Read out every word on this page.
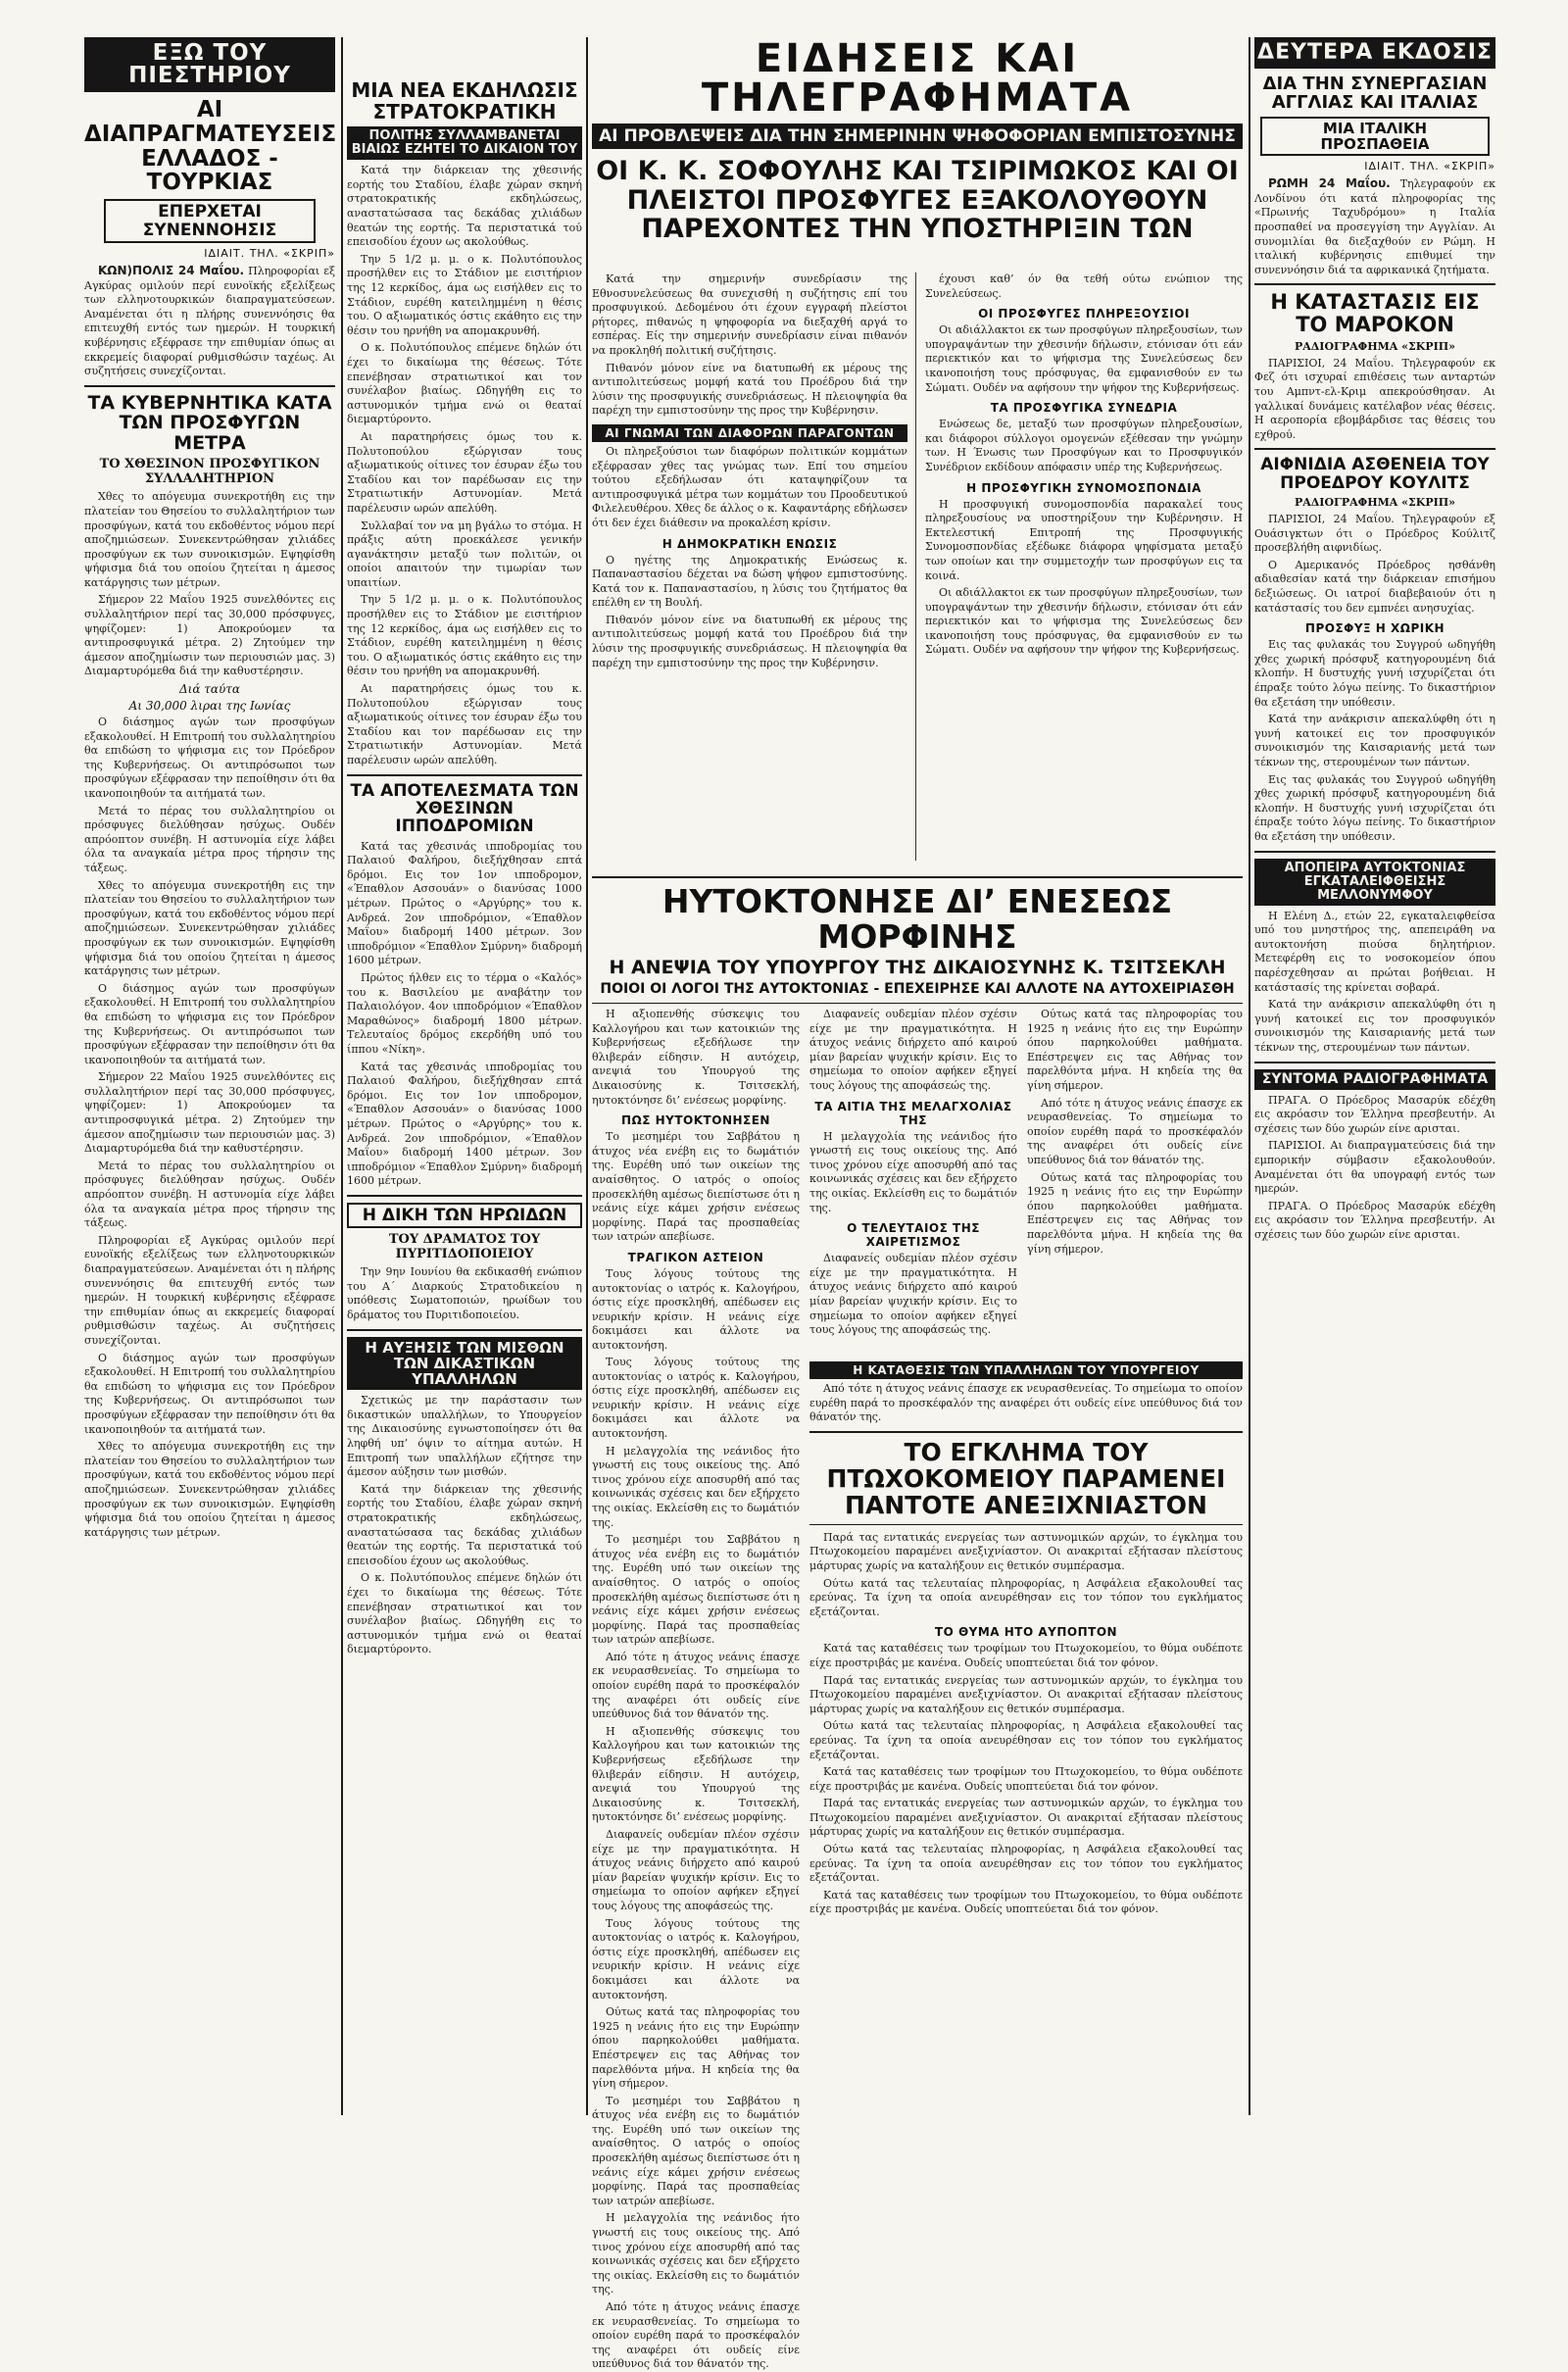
ΕΞΩ ΤΟΥ ΠΙΕΣΤΗΡΙΟΥ
ΑΙ ΔΙΑΠΡΑΓΜΑΤΕΥΣΕΙΣ ΕΛΛΑΔΟΣ - ΤΟΥΡΚΙΑΣ
ΕΠΕΡΧΕΤΑΙ ΣΥΝΕΝΝΟΗΣΙΣ
ΙΔΙΑΙΤ. ΤΗΛ. «ΣΚΡΙΠ»
ΚΩΝ)ΠΟΛΙΣ 24 Μαΐου. Πληροφορίαι εξ Αγκύρας ομιλούν περί ευνοϊκής εξελίξεως των ελληνοτουρκικών διαπραγματεύσεων. Αναμένεται ότι η πλήρης συνεννόησις θα επιτευχθή εντός των ημερών. Η τουρκική κυβέρνησις εξέφρασε την επιθυμίαν όπως αι εκκρεμείς διαφοραί ρυθμισθώσιν ταχέως. Αι συζητήσεις συνεχίζονται.
ΤΑ ΚΥΒΕΡΝΗΤΙΚΑ ΚΑΤΑ ΤΩΝ ΠΡΟΣΦΥΓΩΝ ΜΕΤΡΑ
ΤΟ ΧΘΕΣΙΝΟΝ ΠΡΟΣΦΥΓΙΚΟΝ ΣΥΛΛΑΛΗΤΗΡΙΟΝ

Χθες το απόγευμα συνεκροτήθη εις την πλατείαν του Θησείου το συλλαλητήριον των προσφύγων, κατά του εκδοθέντος νόμου περί αποζημιώσεων. Συνεκεντρώθησαν χιλιάδες προσφύγων εκ των συνοικισμών. Εψηφίσθη ψήφισμα διά του οποίου ζητείται η άμεσος κατάργησις των μέτρων.

Σήμερον 22 Μαΐου 1925 συνελθόντες εις συλλαλητήριον περί τας 30,000 πρόσφυγες, ψηφίζομεν: 1) Αποκρούομεν τα αντιπροσφυγικά μέτρα. 2) Ζητούμεν την άμεσον αποζημίωσιν των περιουσιών μας. 3) Διαμαρτυρόμεθα διά την καθυστέρησιν.

Διά ταύτα
Αι 30,000 λιραι της Ιωνίας

Ο διάσημος αγών των προσφύγων εξακολουθεί. Η Επιτροπή του συλλαλητηρίου θα επιδώση το ψήφισμα εις τον Πρόεδρον της Κυβερνήσεως. Οι αντιπρόσωποι των προσφύγων εξέφρασαν την πεποίθησιν ότι θα ικανοποιηθούν τα αιτήματά των.

Μετά το πέρας του συλλαλητηρίου οι πρόσφυγες διελύθησαν ησύχως. Ουδέν απρόοπτον συνέβη. Η αστυνομία είχε λάβει όλα τα αναγκαία μέτρα προς τήρησιν της τάξεως.

Χθες το απόγευμα συνεκροτήθη εις την πλατείαν του Θησείου το συλλαλητήριον των προσφύγων, κατά του εκδοθέντος νόμου περί αποζημιώσεων. Συνεκεντρώθησαν χιλιάδες προσφύγων εκ των συνοικισμών. Εψηφίσθη ψήφισμα διά του οποίου ζητείται η άμεσος κατάργησις των μέτρων.

Ο διάσημος αγών των προσφύγων εξακολουθεί. Η Επιτροπή του συλλαλητηρίου θα επιδώση το ψήφισμα εις τον Πρόεδρον της Κυβερνήσεως. Οι αντιπρόσωποι των προσφύγων εξέφρασαν την πεποίθησιν ότι θα ικανοποιηθούν τα αιτήματά των.

Σήμερον 22 Μαΐου 1925 συνελθόντες εις συλλαλητήριον περί τας 30,000 πρόσφυγες, ψηφίζομεν: 1) Αποκρούομεν τα αντιπροσφυγικά μέτρα. 2) Ζητούμεν την άμεσον αποζημίωσιν των περιουσιών μας. 3) Διαμαρτυρόμεθα διά την καθυστέρησιν.

Μετά το πέρας του συλλαλητηρίου οι πρόσφυγες διελύθησαν ησύχως. Ουδέν απρόοπτον συνέβη. Η αστυνομία είχε λάβει όλα τα αναγκαία μέτρα προς τήρησιν της τάξεως.

Πληροφορίαι εξ Αγκύρας ομιλούν περί ευνοϊκής εξελίξεως των ελληνοτουρκικών διαπραγματεύσεων. Αναμένεται ότι η πλήρης συνεννόησις θα επιτευχθή εντός των ημερών. Η τουρκική κυβέρνησις εξέφρασε την επιθυμίαν όπως αι εκκρεμείς διαφοραί ρυθμισθώσιν ταχέως. Αι συζητήσεις συνεχίζονται.

Ο διάσημος αγών των προσφύγων εξακολουθεί. Η Επιτροπή του συλλαλητηρίου θα επιδώση το ψήφισμα εις τον Πρόεδρον της Κυβερνήσεως. Οι αντιπρόσωποι των προσφύγων εξέφρασαν την πεποίθησιν ότι θα ικανοποιηθούν τα αιτήματά των.

Χθες το απόγευμα συνεκροτήθη εις την πλατείαν του Θησείου το συλλαλητήριον των προσφύγων, κατά του εκδοθέντος νόμου περί αποζημιώσεων. Συνεκεντρώθησαν χιλιάδες προσφύγων εκ των συνοικισμών. Εψηφίσθη ψήφισμα διά του οποίου ζητείται η άμεσος κατάργησις των μέτρων.

ΜΙΑ ΝΕΑ ΕΚΔΗΛΩΣΙΣ ΣΤΡΑΤΟΚΡΑΤΙΚΗ
ΠΟΛΙΤΗΣ ΣΥΛΛΑΜΒΑΝΕΤΑΙ ΒΙΑΙΩΣ ΕΖΗΤΕΙ ΤΟ ΔΙΚΑΙΟΝ ΤΟΥ

Κατά την διάρκειαν της χθεσινής εορτής του Σταδίου, έλαβε χώραν σκηνή στρατοκρατικής εκδηλώσεως, αναστατώσασα τας δεκάδας χιλιάδων θεατών της εορτής. Τα περιστατικά τού επεισοδίου έχουν ως ακολούθως.

Την 5 1/2 μ. μ. ο κ. Πολυτόπουλος προσήλθεν εις το Στάδιον με εισιτήριον της 12 κερκίδος, άμα ως εισήλθεν εις το Στάδιον, ευρέθη κατειλημμένη η θέσις του. Ο αξιωματικός όστις εκάθητο εις την θέσιν του ηρνήθη να απομακρυνθή.

Ο κ. Πολυτόπουλος επέμενε δηλών ότι έχει το δικαίωμα της θέσεως. Τότε επενέβησαν στρατιωτικοί και τον συνέλαβον βιαίως. Ωδηγήθη εις το αστυνομικόν τμήμα ενώ οι θεαταί διεμαρτύροντο.

Αι παρατηρήσεις όμως του κ. Πολυτοπούλου εξώργισαν τους αξιωματικούς οίτινες τον έσυραν έξω του Σταδίου και τον παρέδωσαν εις την Στρατιωτικήν Αστυνομίαν. Μετά παρέλευσιν ωρών απελύθη.

Συλλαβαί τον να μη βγάλω το στόμα. Η πράξις αύτη προεκάλεσε γενικήν αγανάκτησιν μεταξύ των πολιτών, οι οποίοι απαιτούν την τιμωρίαν των υπαιτίων.

Την 5 1/2 μ. μ. ο κ. Πολυτόπουλος προσήλθεν εις το Στάδιον με εισιτήριον της 12 κερκίδος, άμα ως εισήλθεν εις το Στάδιον, ευρέθη κατειλημμένη η θέσις του. Ο αξιωματικός όστις εκάθητο εις την θέσιν του ηρνήθη να απομακρυνθή.

Αι παρατηρήσεις όμως του κ. Πολυτοπούλου εξώργισαν τους αξιωματικούς οίτινες τον έσυραν έξω του Σταδίου και τον παρέδωσαν εις την Στρατιωτικήν Αστυνομίαν. Μετά παρέλευσιν ωρών απελύθη.

ΤΑ ΑΠΟΤΕΛΕΣΜΑΤΑ ΤΩΝ ΧΘΕΣΙΝΩΝ ΙΠΠΟΔΡΟΜΙΩΝ

Κατά τας χθεσινάς ιπποδρομίας του Παλαιού Φαλήρου, διεξήχθησαν επτά δρόμοι. Εις τον 1ον ιπποδρομον, «Έπαθλον Ασσουάν» ο διανύσας 1000 μέτρων. Πρώτος ο «Αργύρης» του κ. Ανδρεά. 2ον ιπποδρόμιον, «Έπαθλον Μαΐου» διαδρομή 1400 μέτρων. 3ον ιπποδρόμιον «Έπαθλον Σμύρνη» διαδρομή 1600 μέτρων.

Πρώτος ήλθεν εις το τέρμα ο «Καλός» του κ. Βασιλείου με αναβάτην τον Παλαιολόγον. 4ον ιπποδρόμιον «Έπαθλον Μαραθώνος» διαδρομή 1800 μέτρων. Τελευταίος δρόμος εκερδήθη υπό του ίππου «Νίκη».

Κατά τας χθεσινάς ιπποδρομίας του Παλαιού Φαλήρου, διεξήχθησαν επτά δρόμοι. Εις τον 1ον ιπποδρομον, «Έπαθλον Ασσουάν» ο διανύσας 1000 μέτρων. Πρώτος ο «Αργύρης» του κ. Ανδρεά. 2ον ιπποδρόμιον, «Έπαθλον Μαΐου» διαδρομή 1400 μέτρων. 3ον ιπποδρόμιον «Έπαθλον Σμύρνη» διαδρομή 1600 μέτρων.

Η ΔΙΚΗ ΤΩΝ ΗΡΩΙΔΩΝ
ΤΟΥ ΔΡΑΜΑΤΟΣ ΤΟΥ ΠΥΡΙΤΙΔΟΠΟΙΕΙΟΥ

Την 9ην Ιουνίου θα εκδικασθή ενώπιον του Α΄ Διαρκούς Στρατοδικείου η υπόθεσις Σωματοποιών, ηρωίδων του δράματος του Πυριτιδοποιείου.

Η ΑΥΞΗΣΙΣ ΤΩΝ ΜΙΣΘΩΝ ΤΩΝ ΔΙΚΑΣΤΙΚΩΝ ΥΠΑΛΛΗΛΩΝ

Σχετικώς με την παράστασιν των δικαστικών υπαλλήλων, το Υπουργείον της Δικαιοσύνης εγνωστοποίησεν ότι θα ληφθή υπ’ όψιν το αίτημα αυτών. Η Επιτροπή των υπαλλήλων εζήτησε την άμεσον αύξησιν των μισθών.

Κατά την διάρκειαν της χθεσινής εορτής του Σταδίου, έλαβε χώραν σκηνή στρατοκρατικής εκδηλώσεως, αναστατώσασα τας δεκάδας χιλιάδων θεατών της εορτής. Τα περιστατικά τού επεισοδίου έχουν ως ακολούθως.

Ο κ. Πολυτόπουλος επέμενε δηλών ότι έχει το δικαίωμα της θέσεως. Τότε επενέβησαν στρατιωτικοί και τον συνέλαβον βιαίως. Ωδηγήθη εις το αστυνομικόν τμήμα ενώ οι θεαταί διεμαρτύροντο.

ΕΙΔΗΣΕΙΣ ΚΑΙ ΤΗΛΕΓΡΑΦΗΜΑΤΑ
ΑΙ ΠΡΟΒΛΕΨΕΙΣ ΔΙΑ ΤΗΝ ΣΗΜΕΡΙΝΗΝ ΨΗΦΟΦΟΡΙΑΝ ΕΜΠΙΣΤΟΣΥΝΗΣ
ΟΙ Κ. Κ. ΣΟΦΟΥΛΗΣ ΚΑΙ ΤΣΙΡΙΜΩΚΟΣ ΚΑΙ ΟΙ ΠΛΕΙΣΤΟΙ ΠΡΟΣΦΥΓΕΣ ΕΞΑΚΟΛΟΥΘΟΥΝ ΠΑΡΕΧΟΝΤΕΣ ΤΗΝ ΥΠΟΣΤΗΡΙΞΙΝ ΤΩΝ

Κατά την σημερινήν συνεδρίασιν της Εθνοσυνελεύσεως θα συνεχισθή η συζήτησις επί του προσφυγικού. Δεδομένου ότι έχουν εγγραφή πλείστοι ρήτορες, πιθανώς η ψηφοφορία να διεξαχθή αργά το εσπέρας. Είς την σημερινήν συνεδρίασιν είναι πιθανόν να προκληθή πολιτική συζήτησις.

Πιθανόν μόνον είνε να διατυπωθή εκ μέρους της αντιπολιτεύσεως μομφή κατά του Προέδρου διά την λύσιν της προσφυγικής συνεδριάσεως. Η πλειοψηφία θα παρέχη την εμπιστοσύνην της προς την Κυβέρνησιν.

ΑΙ ΓΝΩΜΑΙ ΤΩΝ ΔΙΑΦΟΡΩΝ ΠΑΡΑΓΟΝΤΩΝ

Οι πληρεξούσιοι των διαφόρων πολιτικών κομμάτων εξέφρασαν χθες τας γνώμας των. Επί του σημείου τούτου εξεδήλωσαν ότι καταψηφίζουν τα αντιπροσφυγικά μέτρα των κομμάτων του Προοδευτικού Φιλελευθέρου. Χθες δε άλλος ο κ. Καφαντάρης εδήλωσεν ότι δεν έχει διάθεσιν να προκαλέση κρίσιν.

Η ΔΗΜΟΚΡΑΤΙΚΗ ΕΝΩΣΙΣ

Ο ηγέτης της Δημοκρατικής Ενώσεως κ. Παπαναστασίου δέχεται να δώση ψήφον εμπιστοσύνης. Κατά τον κ. Παπαναστασίου, η λύσις του ζητήματος θα επέλθη εν τη Βουλή.

Πιθανόν μόνον είνε να διατυπωθή εκ μέρους της αντιπολιτεύσεως μομφή κατά του Προέδρου διά την λύσιν της προσφυγικής συνεδριάσεως. Η πλειοψηφία θα παρέχη την εμπιστοσύνην της προς την Κυβέρνησιν.

έχουσι καθ’ όν θα τεθή ούτω ενώπιον της Συνελεύσεως.

ΟΙ ΠΡΟΣΦΥΓΕΣ ΠΛΗΡΕΞΟΥΣΙΟΙ

Οι αδιάλλακτοι εκ των προσφύγων πληρεξουσίων, των υπογραψάντων την χθεσινήν δήλωσιν, ετόνισαν ότι εάν περιεκτικόν και το ψήφισμα της Συνελεύσεως δεν ικανοποιήση τους πρόσφυγας, θα εμφανισθούν εν τω Σώματι. Ουδέν να αφήσουν την ψήφον της Κυβερνήσεως.

ΤΑ ΠΡΟΣΦΥΓΙΚΑ ΣΥΝΕΔΡΙΑ

Ενώσεως δε, μεταξύ των προσφύγων πληρεξουσίων, και διάφοροι σύλλογοι ομογενών εξέθεσαν την γνώμην των. Η Ένωσις των Προσφύγων και το Προσφυγικόν Συνέδριον εκδίδουν απόφασιν υπέρ της Κυβερνήσεως.

Η ΠΡΟΣΦΥΓΙΚΗ ΣΥΝΟΜΟΣΠΟΝΔΙΑ

Η προσφυγική συνομοσπονδία παρακαλεί τους πληρεξουσίους να υποστηρίξουν την Κυβέρνησιν. Η Εκτελεστική Επιτροπή της Προσφυγικής Συνομοσπονδίας εξέδωκε διάφορα ψηφίσματα μεταξύ των οποίων και την συμμετοχήν των προσφύγων εις τα κοινά.

Οι αδιάλλακτοι εκ των προσφύγων πληρεξουσίων, των υπογραψάντων την χθεσινήν δήλωσιν, ετόνισαν ότι εάν περιεκτικόν και το ψήφισμα της Συνελεύσεως δεν ικανοποιήση τους πρόσφυγας, θα εμφανισθούν εν τω Σώματι. Ουδέν να αφήσουν την ψήφον της Κυβερνήσεως.

ΗΥΤΟΚΤΟΝΗΣΕ ΔΙ’ ΕΝΕΣΕΩΣ ΜΟΡΦΙΝΗΣ
Η ΑΝΕΨΙΑ ΤΟΥ ΥΠΟΥΡΓΟΥ ΤΗΣ ΔΙΚΑΙΟΣΥΝΗΣ Κ. ΤΣΙΤΣΕΚΛΗ
ΠΟΙΟΙ ΟΙ ΛΟΓΟΙ ΤΗΣ ΑΥΤΟΚΤΟΝΙΑΣ - ΕΠΕΧΕΙΡΗΣΕ ΚΑΙ ΑΛΛΟΤΕ ΝΑ ΑΥΤΟΧΕΙΡΙΑΣΘΗ

Η αξιοπενθής σύσκεψις του Καλλογήρου και των κατοικιών της Κυβερνήσεως εξεδήλωσε την θλιβεράν είδησιν. Η αυτόχειρ, ανεψιά του Υπουργού της Δικαιοσύνης κ. Τσιτσεκλή, ηυτοκτόνησε δι’ ενέσεως μορφίνης.

ΠΩΣ ΗΥΤΟΚΤΟΝΗΣΕΝ

Το μεσημέρι του Σαββάτου η άτυχος νέα ενέβη εις το δωμάτιόν της. Ευρέθη υπό των οικείων της αναίσθητος. Ο ιατρός ο οποίος προσεκλήθη αμέσως διεπίστωσε ότι η νεάνις είχε κάμει χρήσιν ενέσεως μορφίνης. Παρά τας προσπαθείας των ιατρών απεβίωσε.

ΤΡΑΓΙΚΟΝ ΑΣΤΕΙΟΝ

Τους λόγους τούτους της αυτοκτονίας ο ιατρός κ. Καλογήρου, όστις είχε προσκληθή, απέδωσεν εις νευρικήν κρίσιν. Η νεάνις είχε δοκιμάσει και άλλοτε να αυτοκτονήση.

Διαφανείς ουδεμίαν πλέον σχέσιν είχε με την πραγματικότητα. Η άτυχος νεάνις διήρχετο από καιρού μίαν βαρείαν ψυχικήν κρίσιν. Εις το σημείωμα το οποίον αφήκεν εξηγεί τους λόγους της αποφάσεώς της.

ΤΑ ΑΙΤΙΑ ΤΗΣ ΜΕΛΑΓΧΟΛΙΑΣ ΤΗΣ

Η μελαγχολία της νεάνιδος ήτο γνωστή εις τους οικείους της. Από τινος χρόνου είχε αποσυρθή από τας κοινωνικάς σχέσεις και δεν εξήρχετο της οικίας. Εκλείσθη εις το δωμάτιόν της.

Ο ΤΕΛΕΥΤΑΙΟΣ ΤΗΣ ΧΑΙΡΕΤΙΣΜΟΣ

Διαφανείς ουδεμίαν πλέον σχέσιν είχε με την πραγματικότητα. Η άτυχος νεάνις διήρχετο από καιρού μίαν βαρείαν ψυχικήν κρίσιν. Εις το σημείωμα το οποίον αφήκεν εξηγεί τους λόγους της αποφάσεώς της.

Ούτως κατά τας πληροφορίας του 1925 η νεάνις ήτο εις την Ευρώπην όπου παρηκολούθει μαθήματα. Επέστρεψεν εις τας Αθήνας τον παρελθόντα μήνα. Η κηδεία της θα γίνη σήμερον.

Από τότε η άτυχος νεάνις έπασχε εκ νευρασθενείας. Το σημείωμα το οποίον ευρέθη παρά το προσκέφαλόν της αναφέρει ότι ουδείς είνε υπεύθυνος διά τον θάνατόν της.

Ούτως κατά τας πληροφορίας του 1925 η νεάνις ήτο εις την Ευρώπην όπου παρηκολούθει μαθήματα. Επέστρεψεν εις τας Αθήνας τον παρελθόντα μήνα. Η κηδεία της θα γίνη σήμερον.

Τους λόγους τούτους της αυτοκτονίας ο ιατρός κ. Καλογήρου, όστις είχε προσκληθή, απέδωσεν εις νευρικήν κρίσιν. Η νεάνις είχε δοκιμάσει και άλλοτε να αυτοκτονήση.

Η μελαγχολία της νεάνιδος ήτο γνωστή εις τους οικείους της. Από τινος χρόνου είχε αποσυρθή από τας κοινωνικάς σχέσεις και δεν εξήρχετο της οικίας. Εκλείσθη εις το δωμάτιόν της.

Το μεσημέρι του Σαββάτου η άτυχος νέα ενέβη εις το δωμάτιόν της. Ευρέθη υπό των οικείων της αναίσθητος. Ο ιατρός ο οποίος προσεκλήθη αμέσως διεπίστωσε ότι η νεάνις είχε κάμει χρήσιν ενέσεως μορφίνης. Παρά τας προσπαθείας των ιατρών απεβίωσε.

Από τότε η άτυχος νεάνις έπασχε εκ νευρασθενείας. Το σημείωμα το οποίον ευρέθη παρά το προσκέφαλόν της αναφέρει ότι ουδείς είνε υπεύθυνος διά τον θάνατόν της.

Η αξιοπενθής σύσκεψις του Καλλογήρου και των κατοικιών της Κυβερνήσεως εξεδήλωσε την θλιβεράν είδησιν. Η αυτόχειρ, ανεψιά του Υπουργού της Δικαιοσύνης κ. Τσιτσεκλή, ηυτοκτόνησε δι’ ενέσεως μορφίνης.

Διαφανείς ουδεμίαν πλέον σχέσιν είχε με την πραγματικότητα. Η άτυχος νεάνις διήρχετο από καιρού μίαν βαρείαν ψυχικήν κρίσιν. Εις το σημείωμα το οποίον αφήκεν εξηγεί τους λόγους της αποφάσεώς της.

Τους λόγους τούτους της αυτοκτονίας ο ιατρός κ. Καλογήρου, όστις είχε προσκληθή, απέδωσεν εις νευρικήν κρίσιν. Η νεάνις είχε δοκιμάσει και άλλοτε να αυτοκτονήση.

Ούτως κατά τας πληροφορίας του 1925 η νεάνις ήτο εις την Ευρώπην όπου παρηκολούθει μαθήματα. Επέστρεψεν εις τας Αθήνας τον παρελθόντα μήνα. Η κηδεία της θα γίνη σήμερον.

Το μεσημέρι του Σαββάτου η άτυχος νέα ενέβη εις το δωμάτιόν της. Ευρέθη υπό των οικείων της αναίσθητος. Ο ιατρός ο οποίος προσεκλήθη αμέσως διεπίστωσε ότι η νεάνις είχε κάμει χρήσιν ενέσεως μορφίνης. Παρά τας προσπαθείας των ιατρών απεβίωσε.

Η μελαγχολία της νεάνιδος ήτο γνωστή εις τους οικείους της. Από τινος χρόνου είχε αποσυρθή από τας κοινωνικάς σχέσεις και δεν εξήρχετο της οικίας. Εκλείσθη εις το δωμάτιόν της.

Από τότε η άτυχος νεάνις έπασχε εκ νευρασθενείας. Το σημείωμα το οποίον ευρέθη παρά το προσκέφαλόν της αναφέρει ότι ουδείς είνε υπεύθυνος διά τον θάνατόν της.

Η ΚΑΤΑΘΕΣΙΣ ΤΩΝ ΥΠΑΛΛΗΛΩΝ ΤΟΥ ΥΠΟΥΡΓΕΙΟΥ

Από τότε η άτυχος νεάνις έπασχε εκ νευρασθενείας. Το σημείωμα το οποίον ευρέθη παρά το προσκέφαλόν της αναφέρει ότι ουδείς είνε υπεύθυνος διά τον θάνατόν της.

ΤΟ ΕΓΚΛΗΜΑ ΤΟΥ ΠΤΩΧΟΚΟΜΕΙΟΥ ΠΑΡΑΜΕΝΕΙ ΠΑΝΤΟΤΕ ΑΝΕΞΙΧΝΙΑΣΤΟΝ

Παρά τας εντατικάς ενεργείας των αστυνομικών αρχών, το έγκλημα του Πτωχοκομείου παραμένει ανεξιχνίαστον. Οι ανακριταί εξήτασαν πλείστους μάρτυρας χωρίς να καταλήξουν εις θετικόν συμπέρασμα.

Ούτω κατά τας τελευταίας πληροφορίας, η Ασφάλεια εξακολουθεί τας ερεύνας. Τα ίχνη τα οποία ανευρέθησαν εις τον τόπον του εγκλήματος εξετάζονται.

ΤΟ ΘΥΜΑ ΗΤΟ ΑΥΠΟΠΤΟΝ

Κατά τας καταθέσεις των τροφίμων του Πτωχοκομείου, το θύμα ουδέποτε είχε προστριβάς με κανένα. Ουδείς υποπτεύεται διά τον φόνον.

Παρά τας εντατικάς ενεργείας των αστυνομικών αρχών, το έγκλημα του Πτωχοκομείου παραμένει ανεξιχνίαστον. Οι ανακριταί εξήτασαν πλείστους μάρτυρας χωρίς να καταλήξουν εις θετικόν συμπέρασμα.

Ούτω κατά τας τελευταίας πληροφορίας, η Ασφάλεια εξακολουθεί τας ερεύνας. Τα ίχνη τα οποία ανευρέθησαν εις τον τόπον του εγκλήματος εξετάζονται.

Κατά τας καταθέσεις των τροφίμων του Πτωχοκομείου, το θύμα ουδέποτε είχε προστριβάς με κανένα. Ουδείς υποπτεύεται διά τον φόνον.

Παρά τας εντατικάς ενεργείας των αστυνομικών αρχών, το έγκλημα του Πτωχοκομείου παραμένει ανεξιχνίαστον. Οι ανακριταί εξήτασαν πλείστους μάρτυρας χωρίς να καταλήξουν εις θετικόν συμπέρασμα.

Ούτω κατά τας τελευταίας πληροφορίας, η Ασφάλεια εξακολουθεί τας ερεύνας. Τα ίχνη τα οποία ανευρέθησαν εις τον τόπον του εγκλήματος εξετάζονται.

Κατά τας καταθέσεις των τροφίμων του Πτωχοκομείου, το θύμα ουδέποτε είχε προστριβάς με κανένα. Ουδείς υποπτεύεται διά τον φόνον.

ΔΕΥΤΕΡΑ ΕΚΔΟΣΙΣ
ΔΙΑ ΤΗΝ ΣΥΝΕΡΓΑΣΙΑΝ ΑΓΓΛΙΑΣ ΚΑΙ ΙΤΑΛΙΑΣ
ΜΙΑ ΙΤΑΛΙΚΗ ΠΡΟΣΠΑΘΕΙΑ
ΙΔΙΑΙΤ. ΤΗΛ. «ΣΚΡΙΠ»
ΡΩΜΗ 24 Μαΐου. Τηλεγραφούν εκ Λονδίνου ότι κατά πληροφορίας της «Πρωινής Ταχυδρόμου» η Ιταλία προσπαθεί να προσεγγίση την Αγγλίαν. Αι συνομιλίαι θα διεξαχθούν εν Ρώμη. Η ιταλική κυβέρνησις επιθυμεί την συνεννόησιν διά τα αφρικανικά ζητήματα.
Η ΚΑΤΑΣΤΑΣΙΣ ΕΙΣ ΤΟ ΜΑΡΟΚΟΝ
ΡΑΔΙΟΓΡΑΦΗΜΑ «ΣΚΡΙΠ»

ΠΑΡΙΣΙΟΙ, 24 Μαΐου. Τηλεγραφούν εκ Φεζ ότι ισχυραί επιθέσεις των ανταρτών του Αμπντ-ελ-Κριμ απεκρούσθησαν. Αι γαλλικαί δυνάμεις κατέλαβον νέας θέσεις. Η αεροπορία εβομβάρδισε τας θέσεις του εχθρού.

ΑΙΦΝΙΔΙΑ ΑΣΘΕΝΕΙΑ ΤΟΥ ΠΡΟΕΔΡΟΥ ΚΟΥΛΙΤΣ
ΡΑΔΙΟΓΡΑΦΗΜΑ «ΣΚΡΙΠ»

ΠΑΡΙΣΙΟΙ, 24 Μαΐου. Τηλεγραφούν εξ Ουάσιγκτων ότι ο Πρόεδρος Κούλιτζ προσεβλήθη αιφνιδίως.

Ο Αμερικανός Πρόεδρος ησθάνθη αδιαθεσίαν κατά την διάρκειαν επισήμου δεξιώσεως. Οι ιατροί διαβεβαιούν ότι η κατάστασίς του δεν εμπνέει ανησυχίας.

ΠΡΟΣΦΥΞ Η ΧΩΡΙΚΗ

Εις τας φυλακάς του Συγγρού ωδηγήθη χθες χωρική πρόσφυξ κατηγορουμένη διά κλοπήν. Η δυστυχής γυνή ισχυρίζεται ότι έπραξε τούτο λόγω πείνης. Το δικαστήριον θα εξετάση την υπόθεσιν.

Κατά την ανάκρισιν απεκαλύφθη ότι η γυνή κατοικεί εις τον προσφυγικόν συνοικισμόν της Καισαριανής μετά των τέκνων της, στερουμένων των πάντων.

Εις τας φυλακάς του Συγγρού ωδηγήθη χθες χωρική πρόσφυξ κατηγορουμένη διά κλοπήν. Η δυστυχής γυνή ισχυρίζεται ότι έπραξε τούτο λόγω πείνης. Το δικαστήριον θα εξετάση την υπόθεσιν.

ΑΠΟΠΕΙΡΑ ΑΥΤΟΚΤΟΝΙΑΣ ΕΓΚΑΤΑΛΕΙΦΘΕΙΣΗΣ ΜΕΛΛΟΝΥΜΦΟΥ

Η Ελένη Δ., ετών 22, εγκαταλειφθείσα υπό του μνηστήρος της, απεπειράθη να αυτοκτονήση πιούσα δηλητήριον. Μετεφέρθη εις το νοσοκομείον όπου παρέσχεθησαν αι πρώται βοήθειαι. Η κατάστασίς της κρίνεται σοβαρά.

Κατά την ανάκρισιν απεκαλύφθη ότι η γυνή κατοικεί εις τον προσφυγικόν συνοικισμόν της Καισαριανής μετά των τέκνων της, στερουμένων των πάντων.

ΣΥΝΤΟΜΑ ΡΑΔΙΟΓΡΑΦΗΜΑΤΑ

ΠΡΑΓΑ. Ο Πρόεδρος Μασαρύκ εδέχθη εις ακρόασιν τον Έλληνα πρεσβευτήν. Αι σχέσεις των δύο χωρών είνε αρισται.

ΠΑΡΙΣΙΟΙ. Αι διαπραγματεύσεις διά την εμπορικήν σύμβασιν εξακολουθούν. Αναμένεται ότι θα υπογραφή εντός των ημερών.

ΠΡΑΓΑ. Ο Πρόεδρος Μασαρύκ εδέχθη εις ακρόασιν τον Έλληνα πρεσβευτήν. Αι σχέσεις των δύο χωρών είνε αρισται.
